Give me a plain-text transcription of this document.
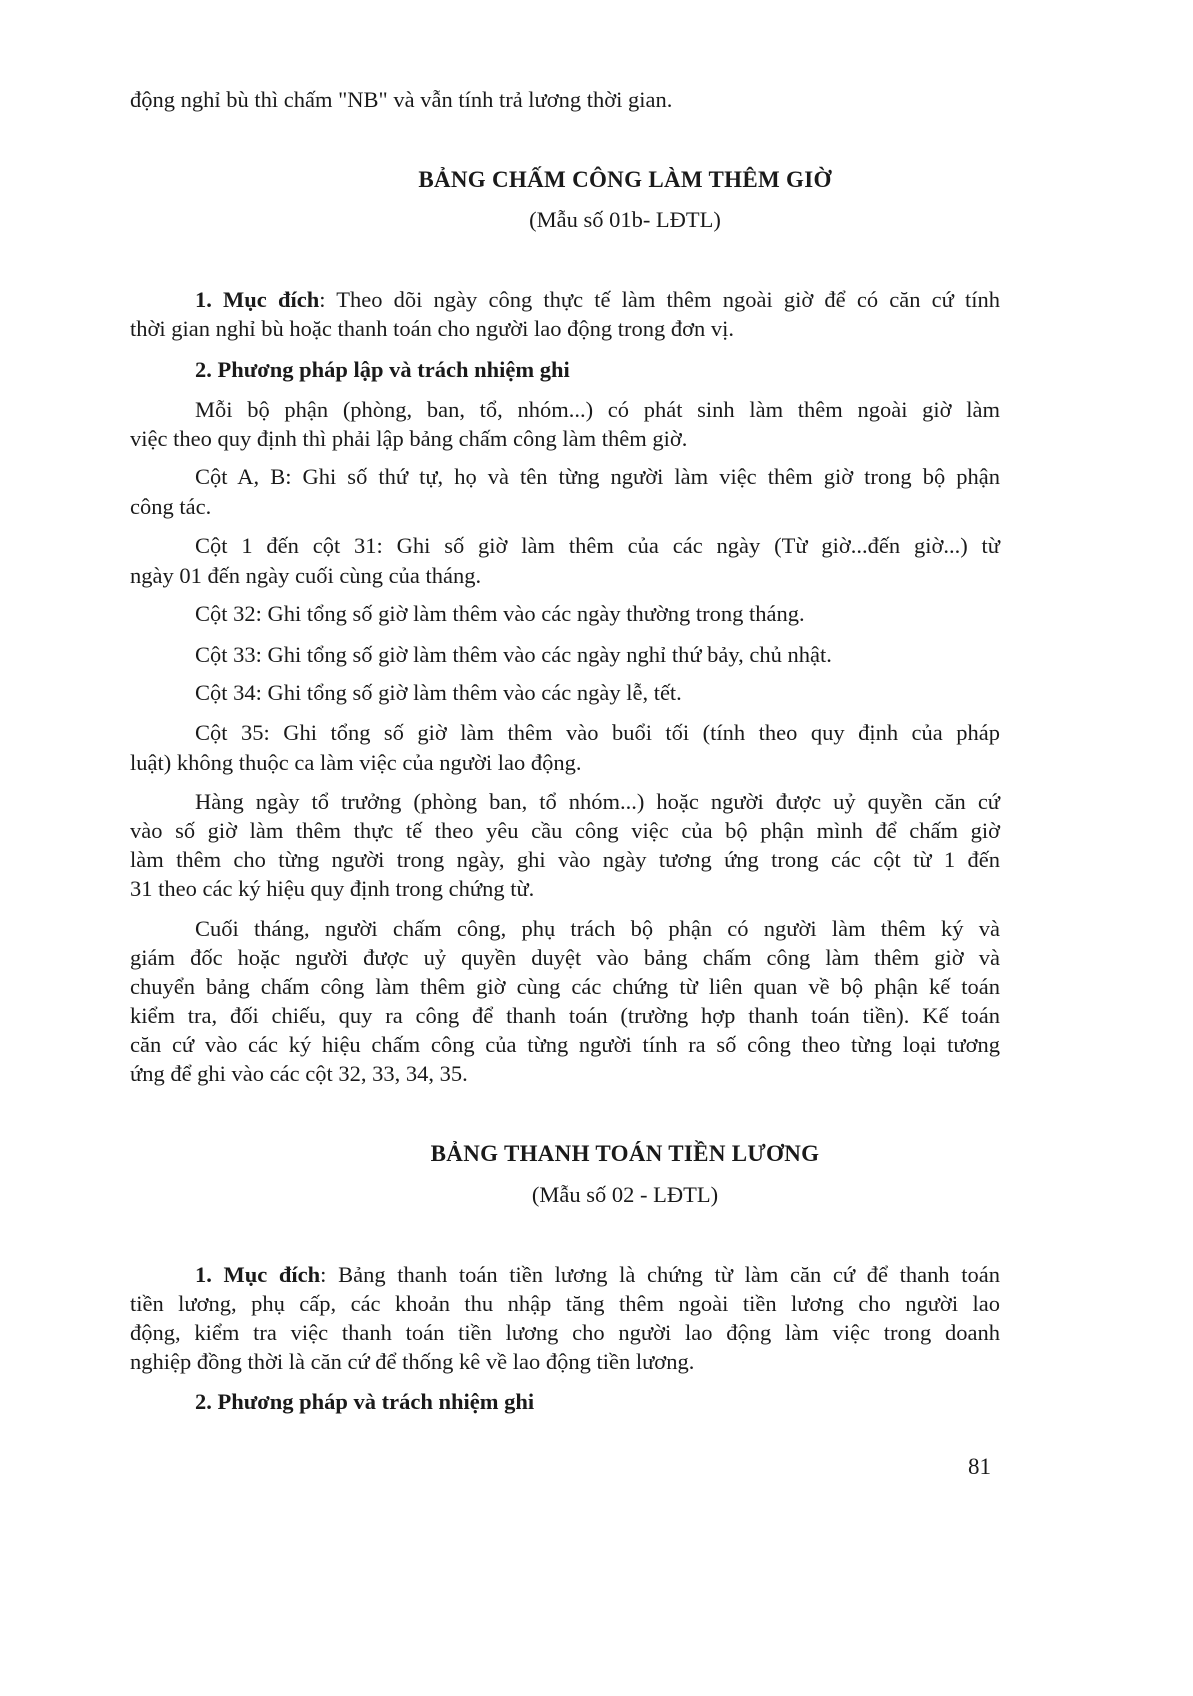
động nghỉ bù thì chấm "NB" và vẫn tính trả lương thời gian.
BẢNG CHẤM CÔNG LÀM THÊM GIỜ
(Mẫu số 01b- LĐTL)
1. Mục đích: Theo dõi ngày công thực tế làm thêm ngoài giờ để có căn cứ tính
thời gian nghỉ bù hoặc thanh toán cho người lao động trong đơn vị.
2. Phương pháp lập và trách nhiệm ghi
Mỗi bộ phận (phòng, ban, tổ, nhóm...) có phát sinh làm thêm ngoài giờ làm
việc theo quy định thì phải lập bảng chấm công làm thêm giờ.
Cột A, B: Ghi số thứ tự, họ và tên từng người làm việc thêm giờ trong bộ phận
công tác.
Cột 1 đến cột 31: Ghi số giờ làm thêm của các ngày (Từ giờ...đến giờ...) từ
ngày 01 đến ngày cuối cùng của tháng.
Cột 32: Ghi tổng số giờ làm thêm vào các ngày thường trong tháng.
Cột 33: Ghi tổng số giờ làm thêm vào các ngày nghỉ thứ bảy, chủ nhật.
Cột 34: Ghi tổng số giờ làm thêm vào các ngày lễ, tết.
Cột 35: Ghi tổng số giờ làm thêm vào buổi tối (tính theo quy định của pháp
luật) không thuộc ca làm việc của người lao động.
Hàng ngày tổ trưởng (phòng ban, tổ nhóm...) hoặc người được uỷ quyền căn cứ
vào số giờ làm thêm thực tế theo yêu cầu công việc của bộ phận mình để chấm giờ
làm thêm cho từng người trong ngày, ghi vào ngày tương ứng trong các cột từ 1 đến
31 theo các ký hiệu quy định trong chứng từ.
Cuối tháng, người chấm công, phụ trách bộ phận có người làm thêm ký và
giám đốc hoặc người được uỷ quyền duyệt vào bảng chấm công làm thêm giờ và
chuyển bảng chấm công làm thêm giờ cùng các chứng từ liên quan về bộ phận kế toán
kiểm tra, đối chiếu, quy ra công để thanh toán (trường hợp thanh toán tiền). Kế toán
căn cứ vào các ký hiệu chấm công của từng người tính ra số công theo từng loại tương
ứng để ghi vào các cột 32, 33, 34, 35.
BẢNG THANH TOÁN TIỀN LƯƠNG
(Mẫu số 02 - LĐTL)
1. Mục đích: Bảng thanh toán tiền lương là chứng từ làm căn cứ để thanh toán
tiền lương, phụ cấp, các khoản thu nhập tăng thêm ngoài tiền lương cho người lao
động, kiểm tra việc thanh toán tiền lương cho người lao động làm việc trong doanh
nghiệp đồng thời là căn cứ để thống kê về lao động tiền lương.
2. Phương pháp và trách nhiệm ghi
81
